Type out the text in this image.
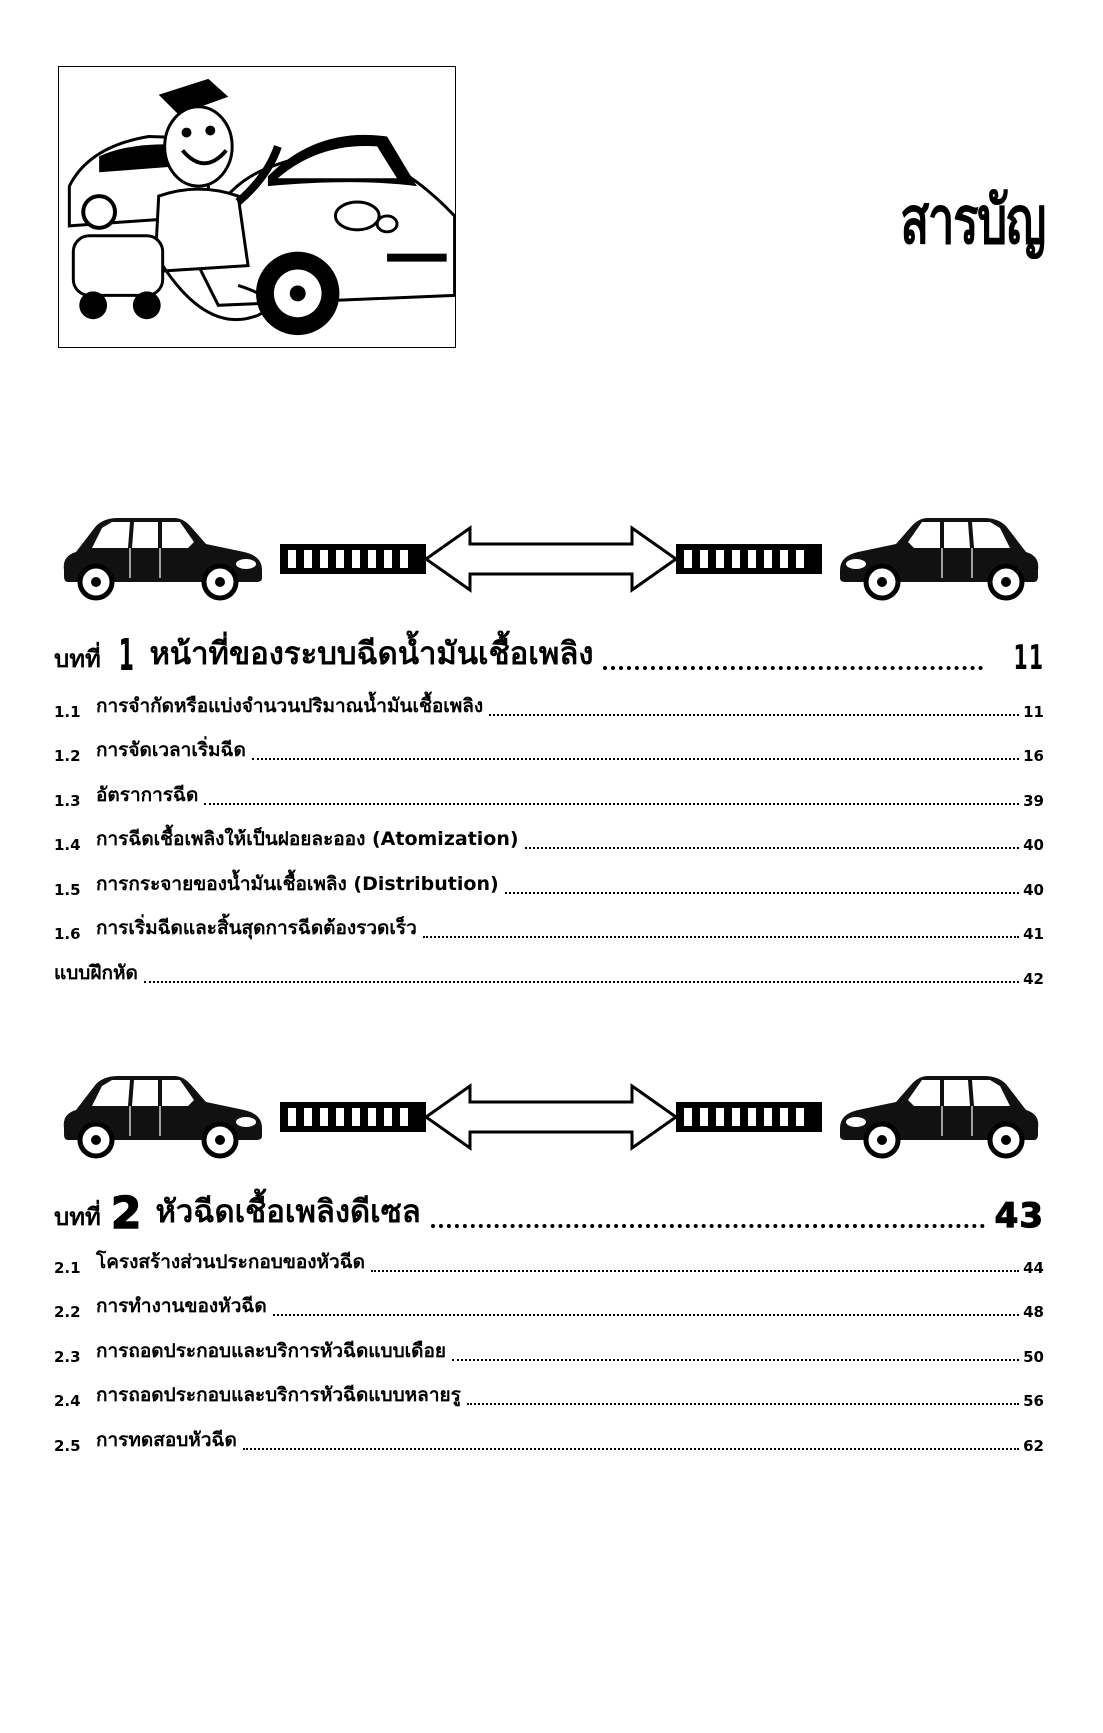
สารบัญ
บทที่ 1 หน้าที่ของระบบฉีดน้ำมันเชื้อเพลิง	11
1.1 การจำกัดหรือแบ่งจำนวนปริมาณน้ำมันเชื้อเพลิง	11
1.2 การจัดเวลาเริ่มฉีด	16
1.3 อัตราการฉีด	39
1.4 การฉีดเชื้อเพลิงให้เป็นฝอยละออง (Atomization)	40
1.5 การกระจายของน้ำมันเชื้อเพลิง (Distribution)	40
1.6 การเริ่มฉีดและสิ้นสุดการฉีดต้องรวดเร็ว	41
แบบฝึกหัด	42
บทที่ 2 หัวฉีดเชื้อเพลิงดีเซล	43
2.1 โครงสร้างส่วนประกอบของหัวฉีด	44
2.2 การทำงานของหัวฉีด	48
2.3 การถอดประกอบและบริการหัวฉีดแบบเดือย	50
2.4 การถอดประกอบและบริการหัวฉีดแบบหลายรู	56
2.5 การทดสอบหัวฉีด	62
